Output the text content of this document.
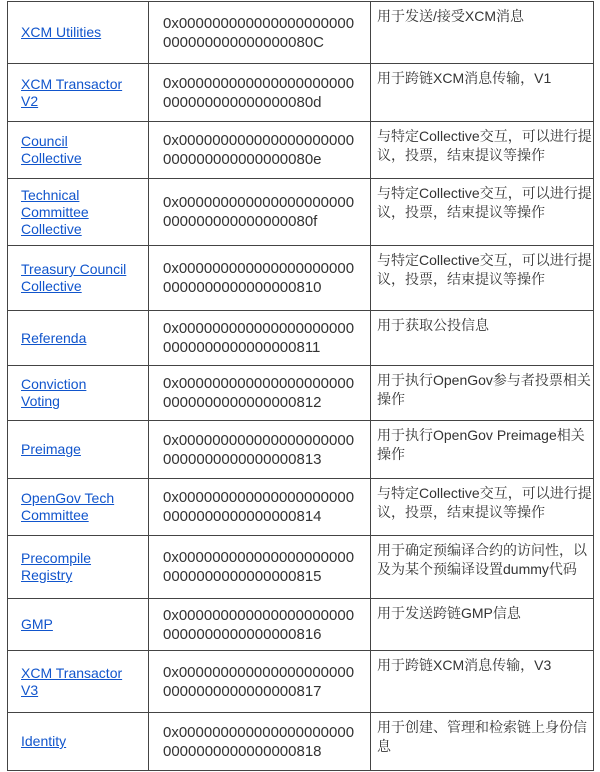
XCM Utilities	0x000000000000000000000000000000000000080C	用于发送/接受XCM消息
XCM Transactor V2	0x000000000000000000000000000000000000080d	用于跨链XCM消息传输，V1
Council Collective	0x000000000000000000000000000000000000080e	与特定Collective交互，可以进行提议，投票，结束提议等操作
Technical Committee Collective	0x000000000000000000000000000000000000080f	与特定Collective交互，可以进行提议，投票，结束提议等操作
Treasury Council Collective	0x0000000000000000000000000000000000000810	与特定Collective交互，可以进行提议，投票，结束提议等操作
Referenda	0x0000000000000000000000000000000000000811	用于获取公投信息
Conviction Voting	0x0000000000000000000000000000000000000812	用于执行OpenGov参与者投票相关操作
Preimage	0x0000000000000000000000000000000000000813	用于执行OpenGov Preimage相关操作
OpenGov Tech Committee	0x0000000000000000000000000000000000000814	与特定Collective交互，可以进行提议，投票，结束提议等操作
Precompile Registry	0x0000000000000000000000000000000000000815	用于确定预编译合约的访问性，以及为某个预编译设置dummy代码
GMP	0x0000000000000000000000000000000000000816	用于发送跨链GMP信息
XCM Transactor V3	0x0000000000000000000000000000000000000817	用于跨链XCM消息传输，V3
Identity	0x0000000000000000000000000000000000000818	用于创建、管理和检索链上身份信息
